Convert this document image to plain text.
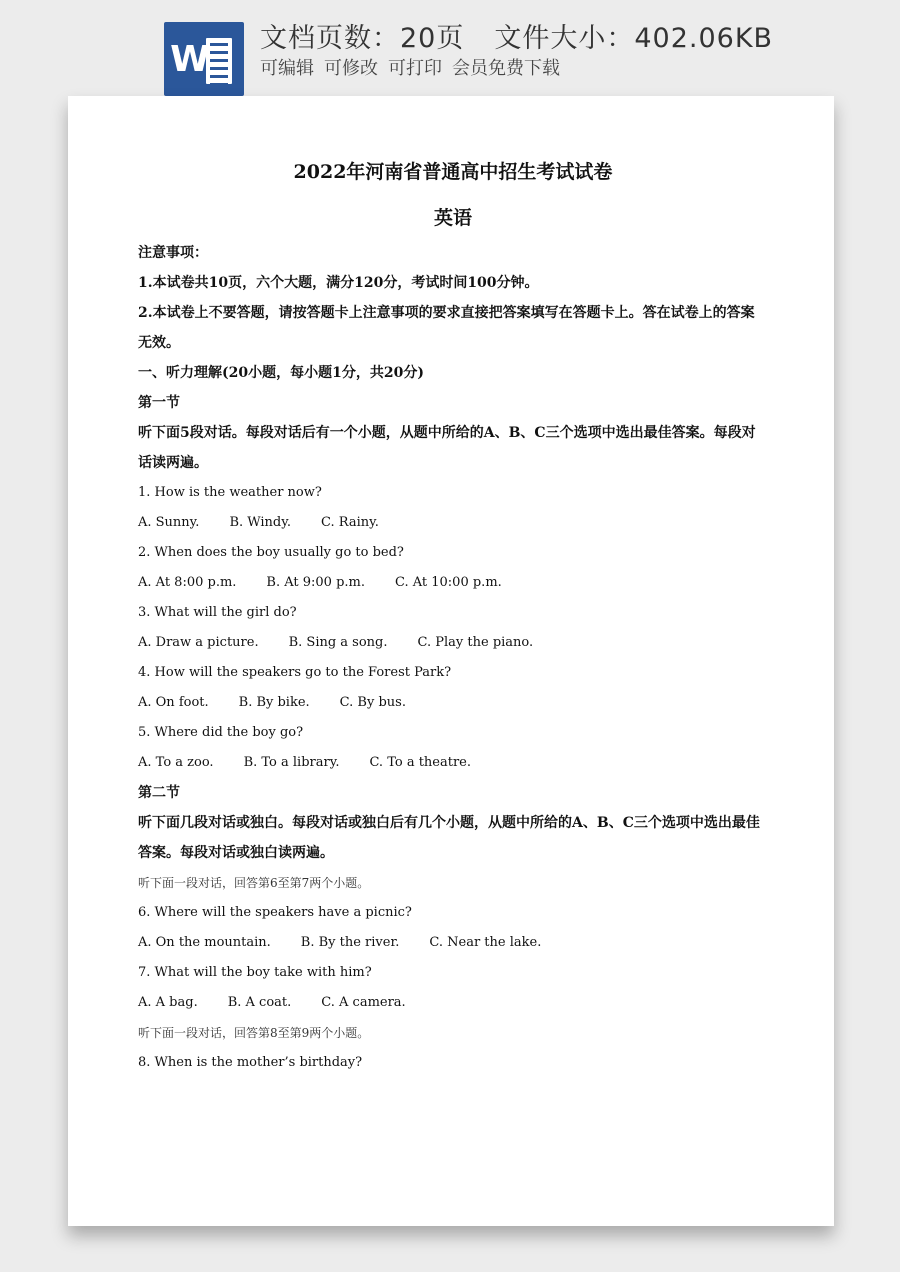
W
文档页数：20页 文件大小：402.06KB
可编辑 可修改 可打印 会员免费下载
2022年河南省普通高中招生考试试卷
英语
注意事项：
1.本试卷共10页，六个大题，满分120分，考试时间100分钟。
2.本试卷上不要答题，请按答题卡上注意事项的要求直接把答案填写在答题卡上。答在试卷上的答案无效。
一、听力理解(20小题，每小题1分，共20分)
第一节
听下面5段对话。每段对话后有一个小题，从题中所给的A、B、C三个选项中选出最佳答案。每段对话读两遍。
1. How is the weather now?
A. Sunny. B. Windy. C. Rainy.
2. When does the boy usually go to bed?
A. At 8:00 p.m. B. At 9:00 p.m. C. At 10:00 p.m.
3. What will the girl do?
A. Draw a picture. B. Sing a song. C. Play the piano.
4. How will the speakers go to the Forest Park?
A. On foot. B. By bike. C. By bus.
5. Where did the boy go?
A. To a zoo. B. To a library. C. To a theatre.
第二节
听下面几段对话或独白。每段对话或独白后有几个小题，从题中所给的A、B、C三个选项中选出最佳答案。每段对话或独白读两遍。
听下面一段对话，回答第6至第7两个小题。
6. Where will the speakers have a picnic?
A. On the mountain. B. By the river. C. Near the lake.
7. What will the boy take with him?
A. A bag. B. A coat. C. A camera.
听下面一段对话，回答第8至第9两个小题。
8. When is the mother’s birthday?
